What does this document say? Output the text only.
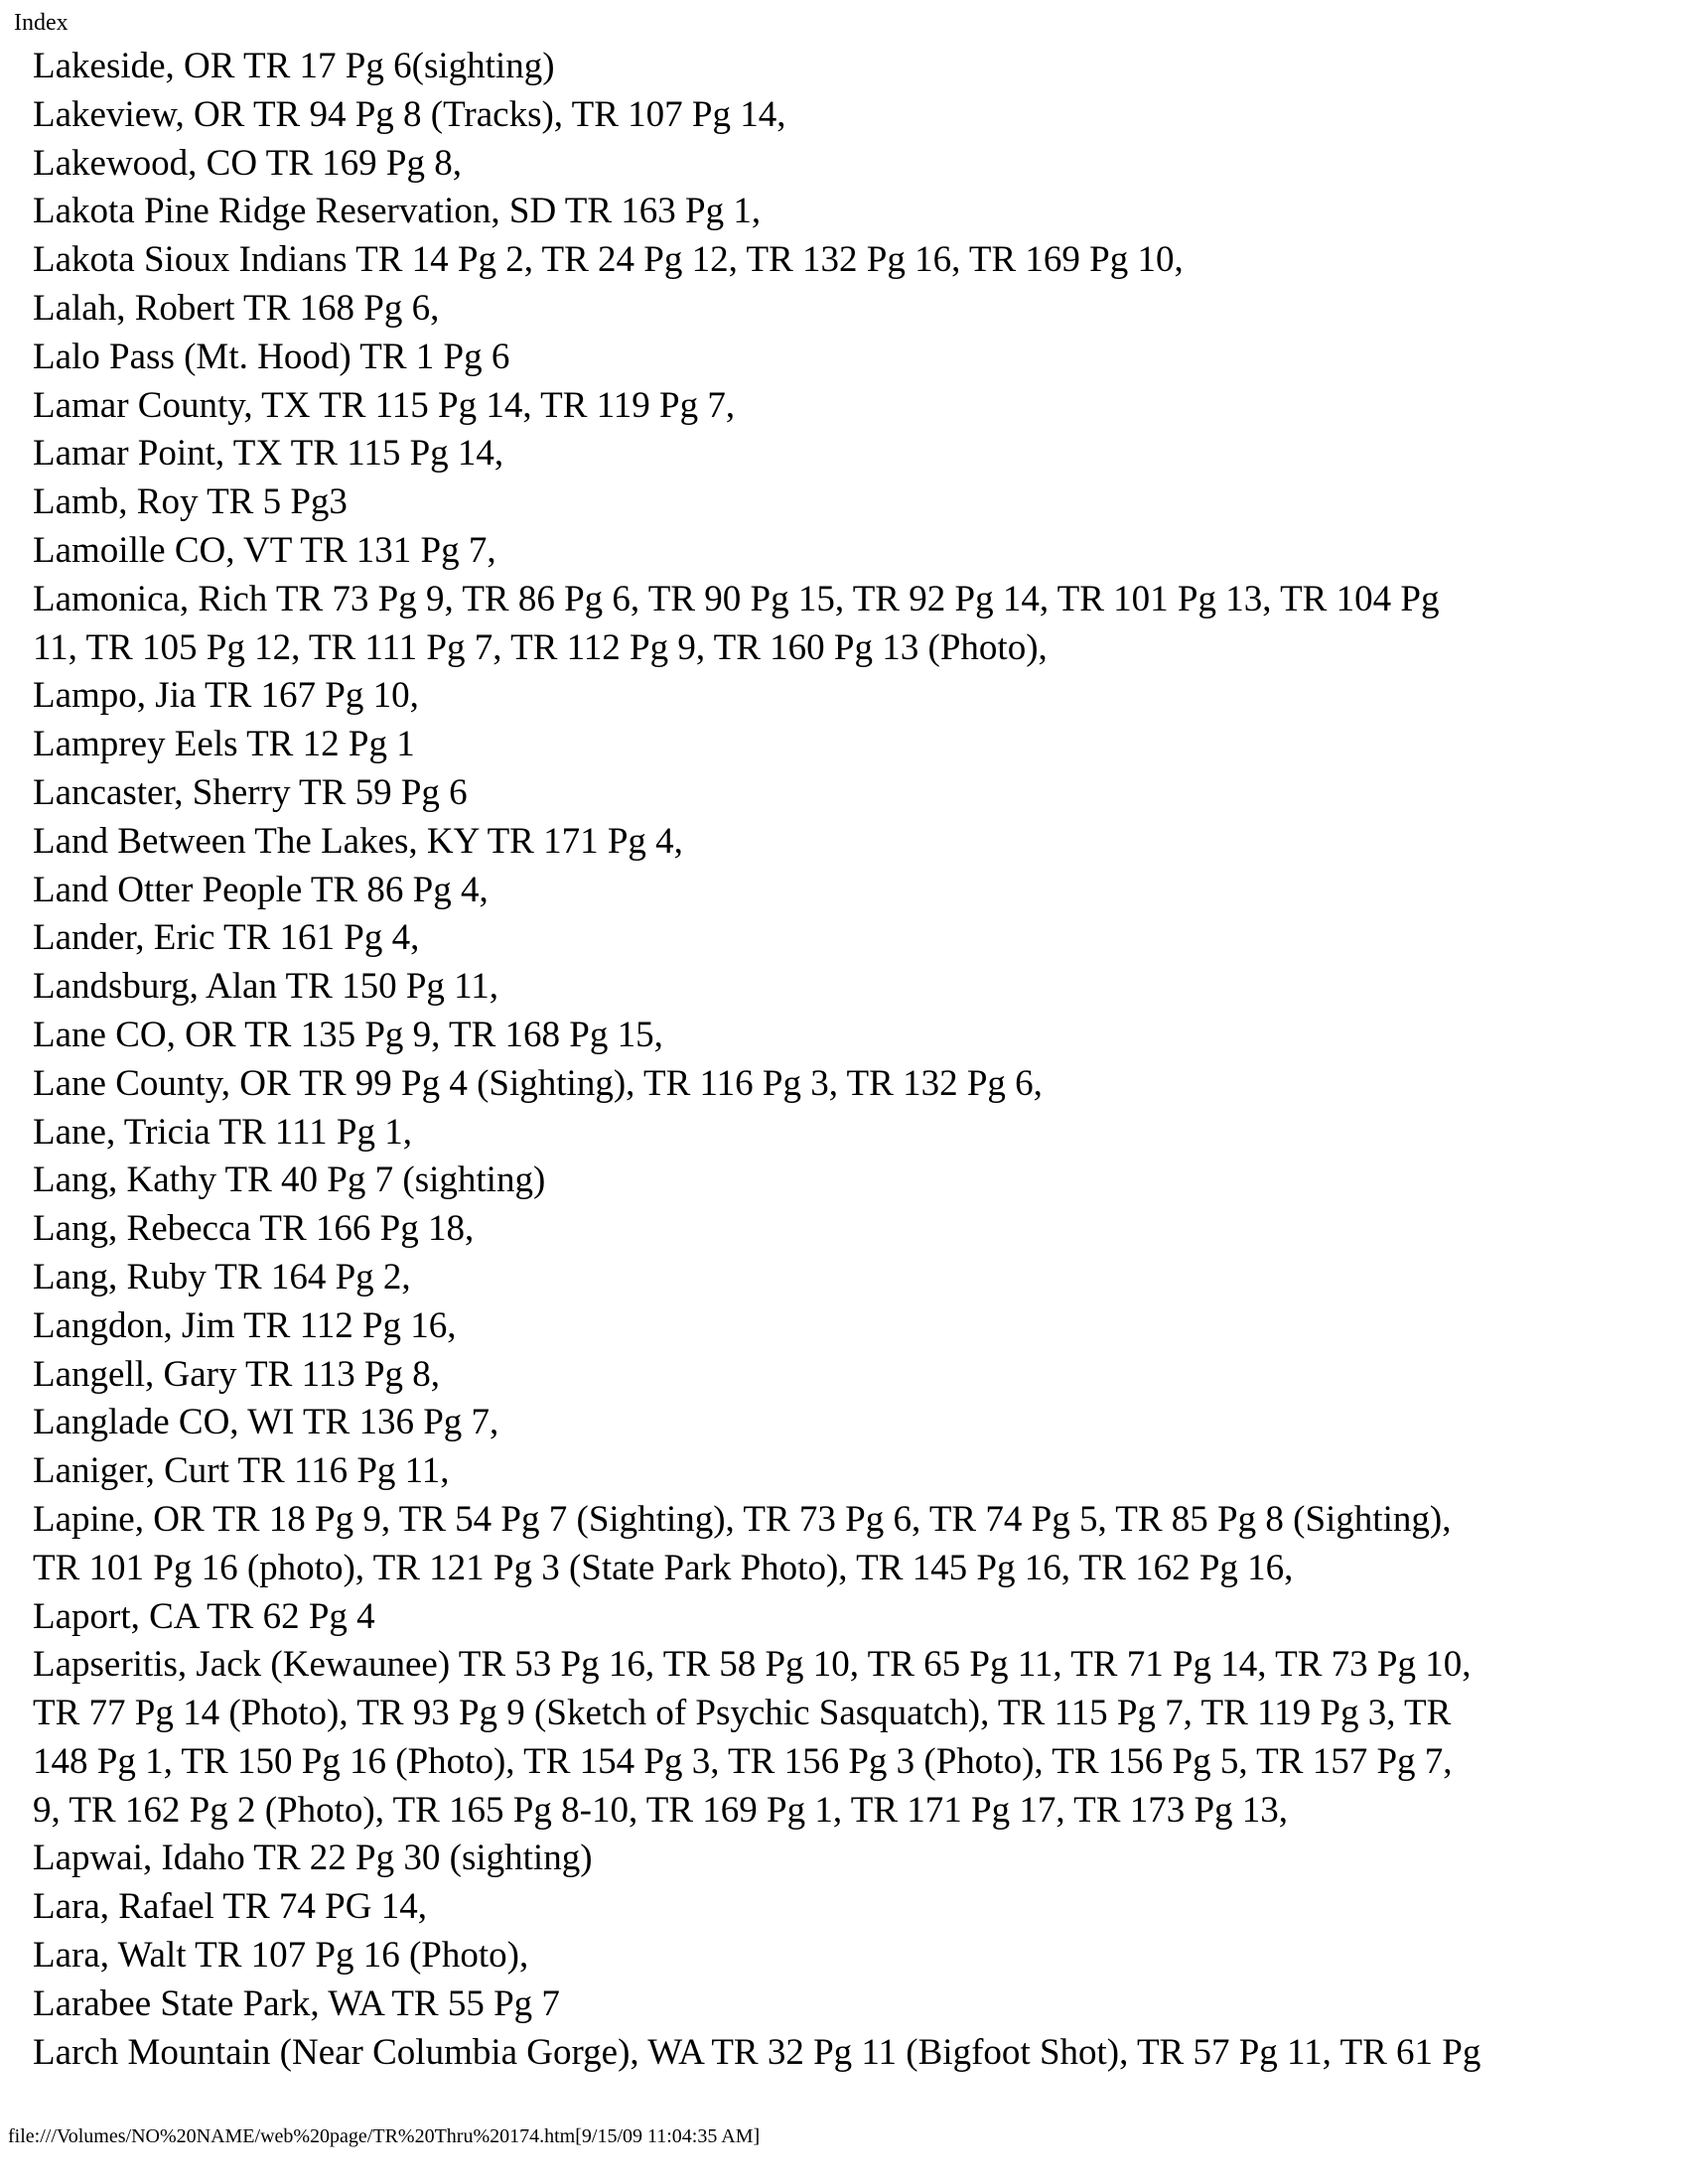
Index
Lakeside, OR TR 17 Pg 6(sighting)
Lakeview, OR TR 94 Pg 8 (Tracks), TR 107 Pg 14,
Lakewood, CO TR 169 Pg 8,
Lakota Pine Ridge Reservation, SD TR 163 Pg 1,
Lakota Sioux Indians TR 14 Pg 2, TR 24 Pg 12, TR 132 Pg 16, TR 169 Pg 10,
Lalah, Robert TR 168 Pg 6,
Lalo Pass (Mt. Hood) TR 1 Pg 6
Lamar County, TX TR 115 Pg 14, TR 119 Pg 7,
Lamar Point, TX TR 115 Pg 14,
Lamb, Roy TR 5 Pg3
Lamoille CO, VT TR 131 Pg 7,
Lamonica, Rich TR 73 Pg 9, TR 86 Pg 6, TR 90 Pg 15, TR 92 Pg 14, TR 101 Pg 13, TR 104 Pg
11, TR 105 Pg 12, TR 111 Pg 7, TR 112 Pg 9, TR 160 Pg 13 (Photo),
Lampo, Jia TR 167 Pg 10,
Lamprey Eels TR 12 Pg 1
Lancaster, Sherry TR 59 Pg 6
Land Between The Lakes, KY TR 171 Pg 4,
Land Otter People TR 86 Pg 4,
Lander, Eric TR 161 Pg 4,
Landsburg, Alan TR 150 Pg 11,
Lane CO, OR TR 135 Pg 9, TR 168 Pg 15,
Lane County, OR TR 99 Pg 4 (Sighting), TR 116 Pg 3, TR 132 Pg 6,
Lane, Tricia TR 111 Pg 1,
Lang, Kathy TR 40 Pg 7 (sighting)
Lang, Rebecca TR 166 Pg 18,
Lang, Ruby TR 164 Pg 2,
Langdon, Jim TR 112 Pg 16,
Langell, Gary TR 113 Pg 8,
Langlade CO, WI TR 136 Pg 7,
Laniger, Curt TR 116 Pg 11,
Lapine, OR TR 18 Pg 9, TR 54 Pg 7 (Sighting), TR 73 Pg 6, TR 74 Pg 5, TR 85 Pg 8 (Sighting),
TR 101 Pg 16 (photo), TR 121 Pg 3 (State Park Photo), TR 145 Pg 16, TR 162 Pg 16,
Laport, CA TR 62 Pg 4
Lapseritis, Jack (Kewaunee) TR 53 Pg 16, TR 58 Pg 10, TR 65 Pg 11, TR 71 Pg 14, TR 73 Pg 10,
TR 77 Pg 14 (Photo), TR 93 Pg 9 (Sketch of Psychic Sasquatch), TR 115 Pg 7, TR 119 Pg 3, TR
148 Pg 1, TR 150 Pg 16 (Photo), TR 154 Pg 3, TR 156 Pg 3 (Photo), TR 156 Pg 5, TR 157 Pg 7,
9, TR 162 Pg 2 (Photo), TR 165 Pg 8-10, TR 169 Pg 1, TR 171 Pg 17, TR 173 Pg 13,
Lapwai, Idaho TR 22 Pg 30 (sighting)
Lara, Rafael TR 74 PG 14,
Lara, Walt TR 107 Pg 16 (Photo),
Larabee State Park, WA TR 55 Pg 7
Larch Mountain (Near Columbia Gorge), WA TR 32 Pg 11 (Bigfoot Shot), TR 57 Pg 11, TR 61 Pg
file:///Volumes/NO%20NAME/web%20page/TR%20Thru%20174.htm[9/15/09 11:04:35 AM]
